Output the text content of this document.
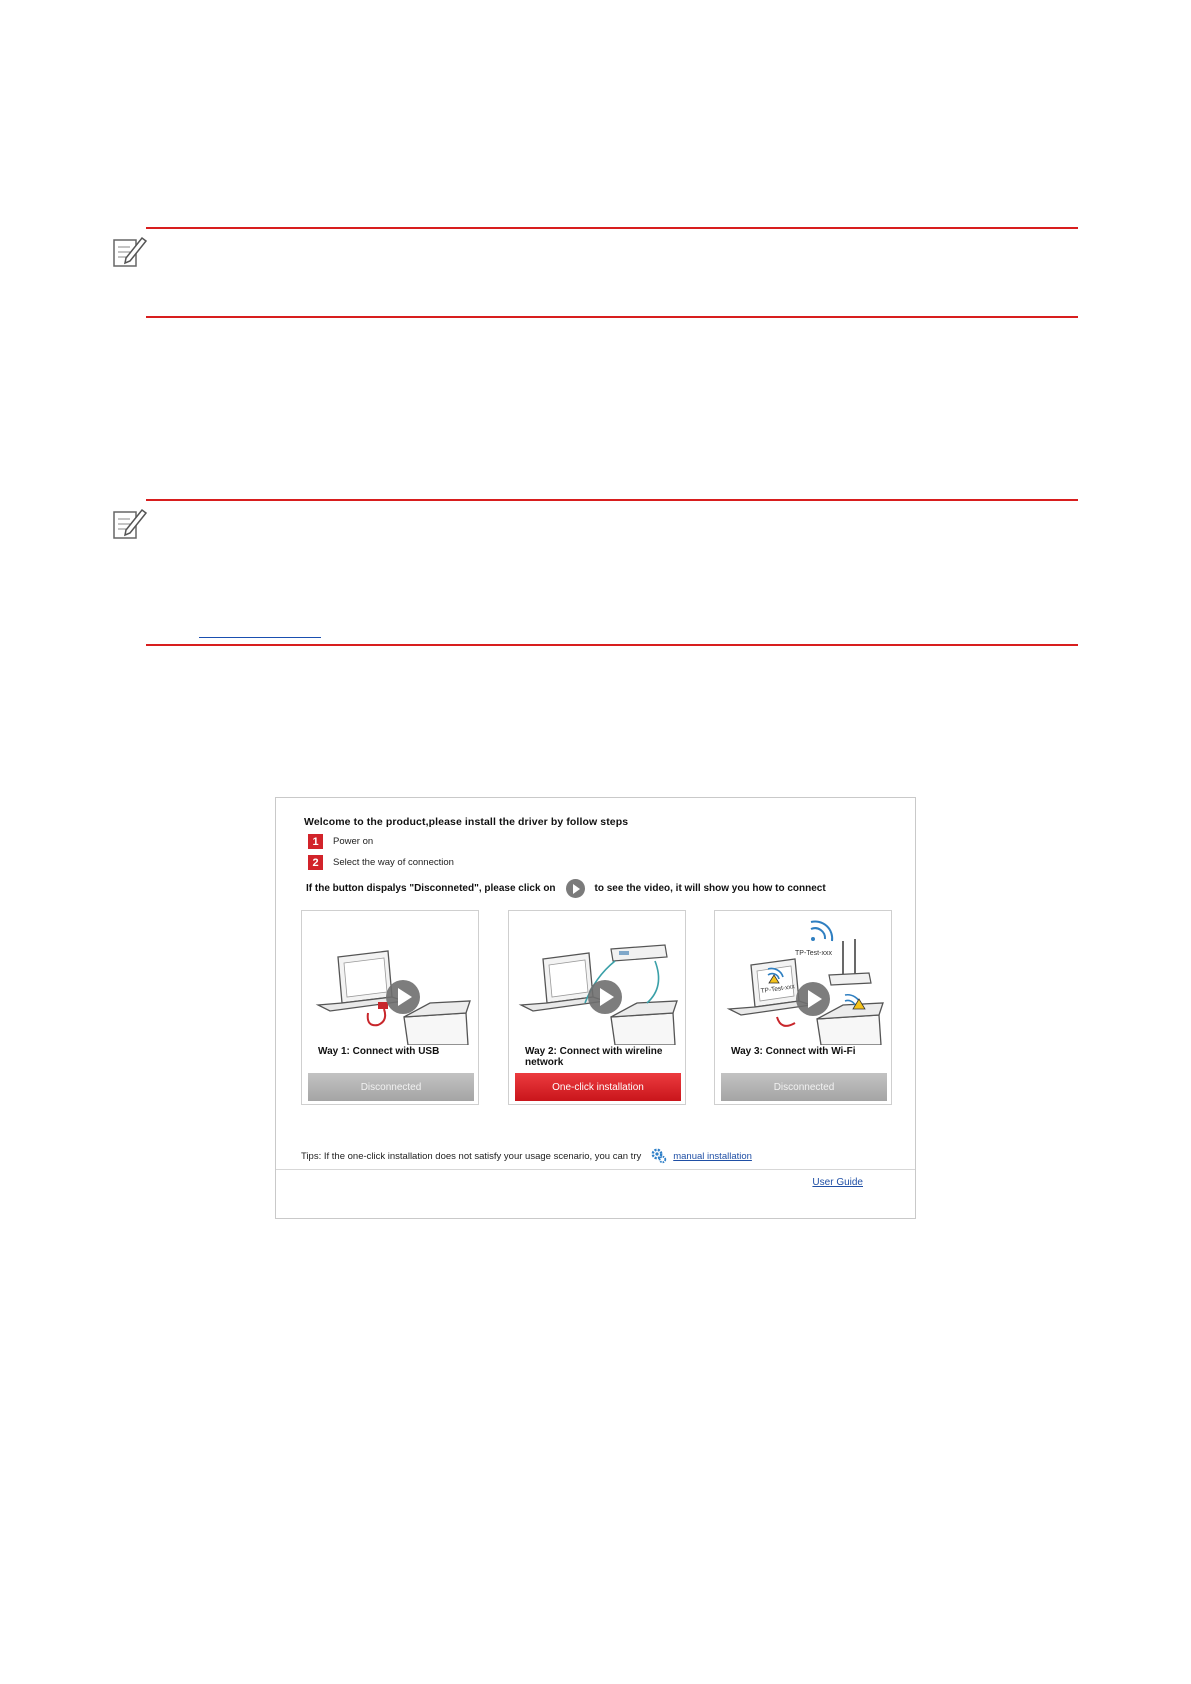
Welcome to the product,please install the driver by follow steps
1	Power on
2	Select the way of connection
If the button dispalys "Disconneted", please click on	to see the video, it will show you how to connect
Way 1: Connect with USB
Disconnected
Way 2: Connect with wireline network
One-click installation
TP-Test-xxx
TP-Test-xxx
Way 3: Connect with Wi-Fi
Disconnected
Tips: If the one-click installation does not satisfy your usage scenario, you can try	manual installation
User Guide
